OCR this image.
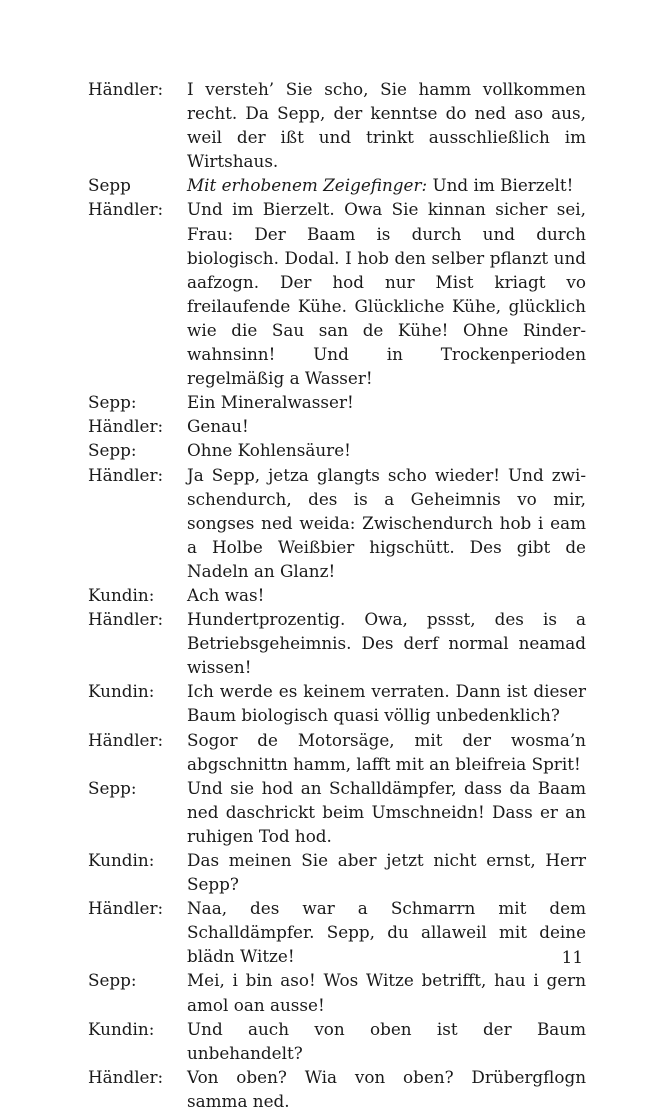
Händler:	I versteh’ Sie scho, Sie hamm vollkommen recht. Da Sepp, der kenntse do ned aso aus, weil der ißt und trinkt ausschließlich im Wirtshaus.

Sepp	Mit erhobenem Zeigefinger: Und im Bierzelt!

Händler:	Und im Bierzelt. Owa Sie kinnan sicher sei, Frau: Der Baam is durch und durch biologisch. Dodal. I hob den selber pflanzt und aafzogn. Der hod nur Mist kriagt vo freilaufende Kühe. Glückliche Kühe, glücklich wie die Sau san de Kühe! Ohne Rinderwahnsinn! Und in Trockenperioden regelmäßig a Wasser!

Sepp:	Ein Mineralwasser!

Händler:	Genau!

Sepp:	Ohne Kohlensäure!

Händler:	Ja Sepp, jetza glangts scho wieder! Und zwischendurch, des is a Geheimnis vo mir, songses ned weida: Zwischendurch hob i eam a Holbe Weißbier higschütt. Des gibt de Nadeln an Glanz!

Kundin:	Ach was!

Händler:	Hundertprozentig. Owa, pssst, des is a Betriebsgeheimnis. Des derf normal neamad wissen!

Kundin:	Ich werde es keinem verraten. Dann ist dieser Baum biologisch quasi völlig unbedenklich?

Händler:	Sogor de Motorsäge, mit der wosma’n abgschnittn hamm, lafft mit an bleifreia Sprit!

Sepp:	Und sie hod an Schalldämpfer, dass da Baam ned daschrickt beim Umschneidn! Dass er an ruhigen Tod hod.

Kundin:	Das meinen Sie aber jetzt nicht ernst, Herr Sepp?

Händler:	Naa, des war a Schmarrn mit dem Schalldämpfer. Sepp, du allaweil mit deine blädn Witze!

Sepp:	Mei, i bin aso! Wos Witze betrifft, hau i gern amol oan ausse!

Kundin:	Und auch von oben ist der Baum unbehandelt?

Händler:	Von oben? Wia von oben? Drübergflogn samma ned.

11
